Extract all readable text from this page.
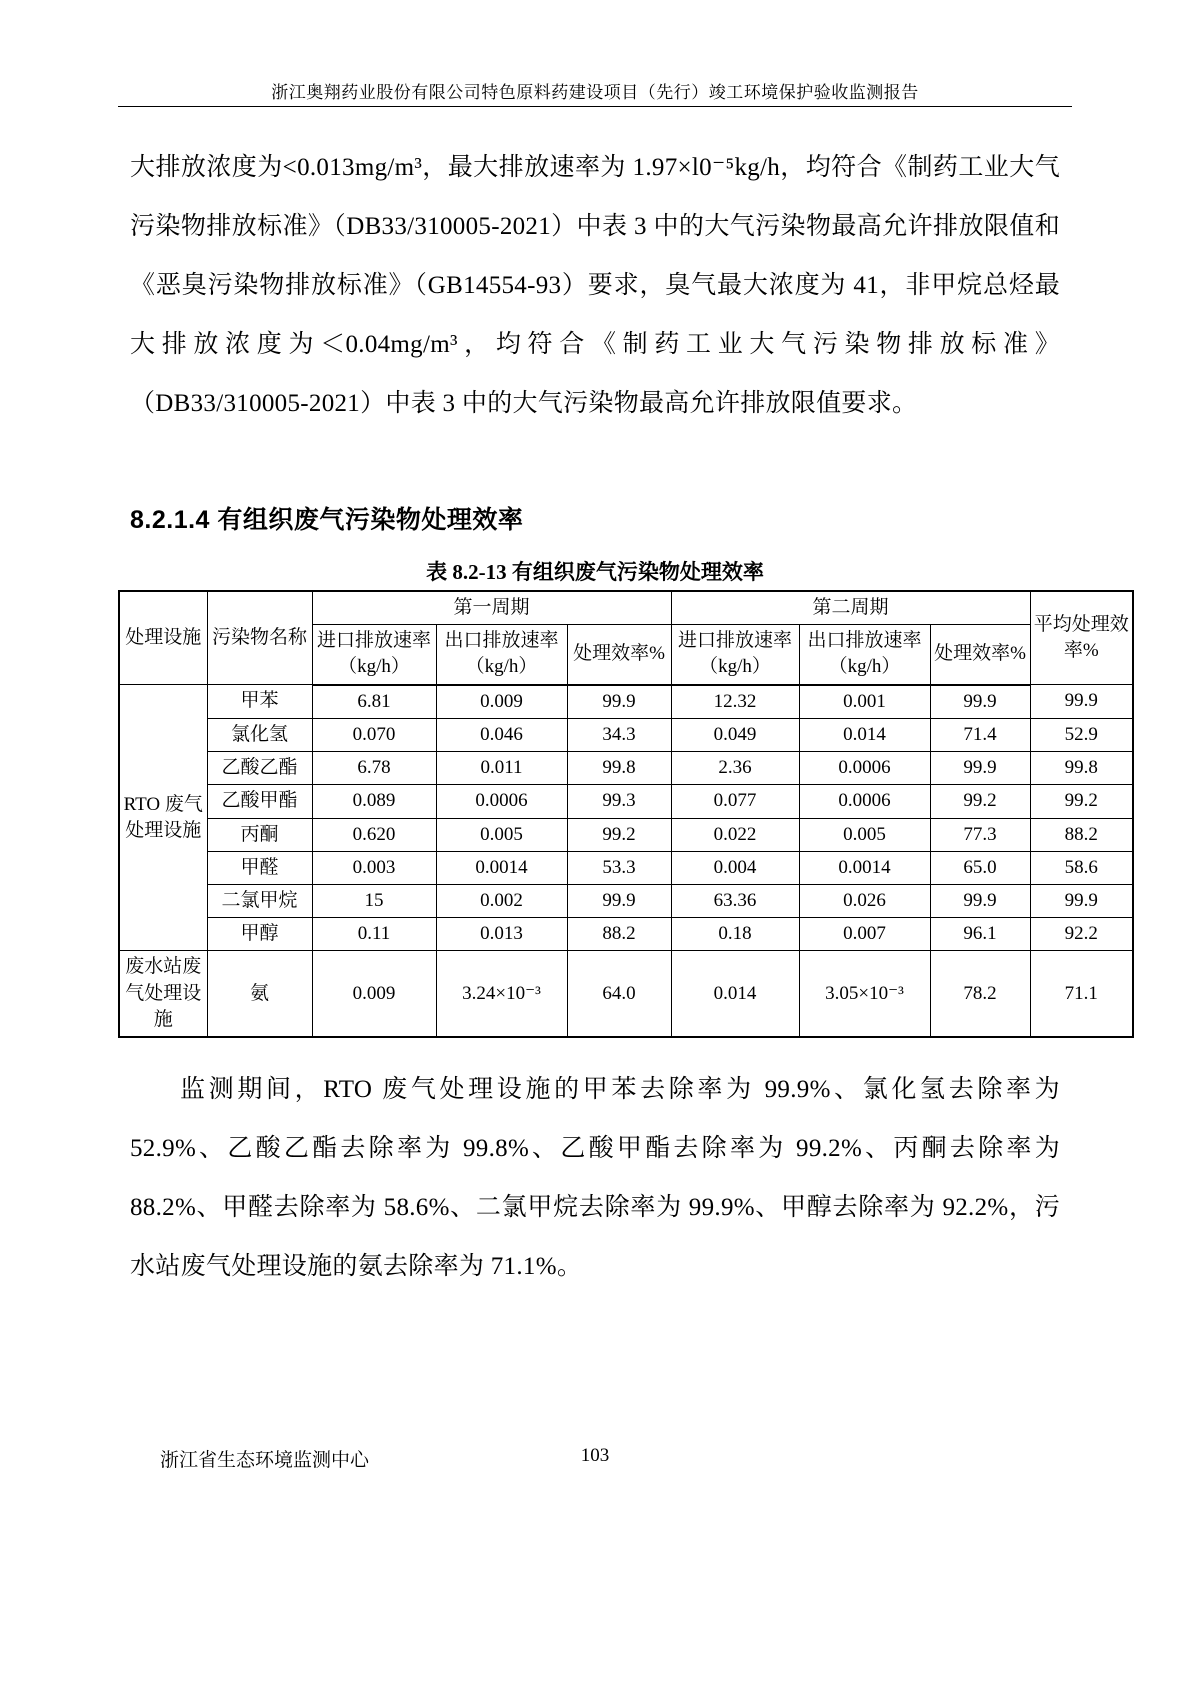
浙江奥翔药业股份有限公司特色原料药建设项目（先行）竣工环境保护验收监测报告
大排放浓度为<0.013mg/m³，最大排放速率为 1.97×l0⁻⁵kg/h，均符合《制药工业大气污染物排放标准》（DB33/310005-2021）中表 3 中的大气污染物最高允许排放限值和《恶臭污染物排放标准》（GB14554-93）要求，臭气最大浓度为 41，非甲烷总烃最大排放浓度为＜0.04mg/m³，均符合《制药工业大气污染物排放标准》（DB33/310005-2021）中表 3 中的大气污染物最高允许排放限值要求。
8.2.1.4 有组织废气污染物处理效率
表 8.2-13 有组织废气污染物处理效率
处理设施	污染物名称	第一周期			第二周期			平均处理效率%
		进口排放速率（kg/h）	出口排放速率（kg/h）	处理效率%	进口排放速率（kg/h）	出口排放速率（kg/h）	处理效率%	
RTO 废气处理设施	甲苯	6.81	0.009	99.9	12.32	0.001	99.9	99.9
	氯化氢	0.070	0.046	34.3	0.049	0.014	71.4	52.9
	乙酸乙酯	6.78	0.011	99.8	2.36	0.0006	99.9	99.8
	乙酸甲酯	0.089	0.0006	99.3	0.077	0.0006	99.2	99.2
	丙酮	0.620	0.005	99.2	0.022	0.005	77.3	88.2
	甲醛	0.003	0.0014	53.3	0.004	0.0014	65.0	58.6
	二氯甲烷	15	0.002	99.9	63.36	0.026	99.9	99.9
	甲醇	0.11	0.013	88.2	0.18	0.007	96.1	92.2
废水站废气处理设施	氨	0.009	3.24×10⁻³	64.0	0.014	3.05×10⁻³	78.2	71.1
监测期间，RTO 废气处理设施的甲苯去除率为 99.9%、氯化氢去除率为 52.9%、乙酸乙酯去除率为 99.8%、乙酸甲酯去除率为 99.2%、丙酮去除率为 88.2%、甲醛去除率为 58.6%、二氯甲烷去除率为 99.9%、甲醇去除率为 92.2%，污水站废气处理设施的氨去除率为 71.1%。
浙江省生态环境监测中心	103
